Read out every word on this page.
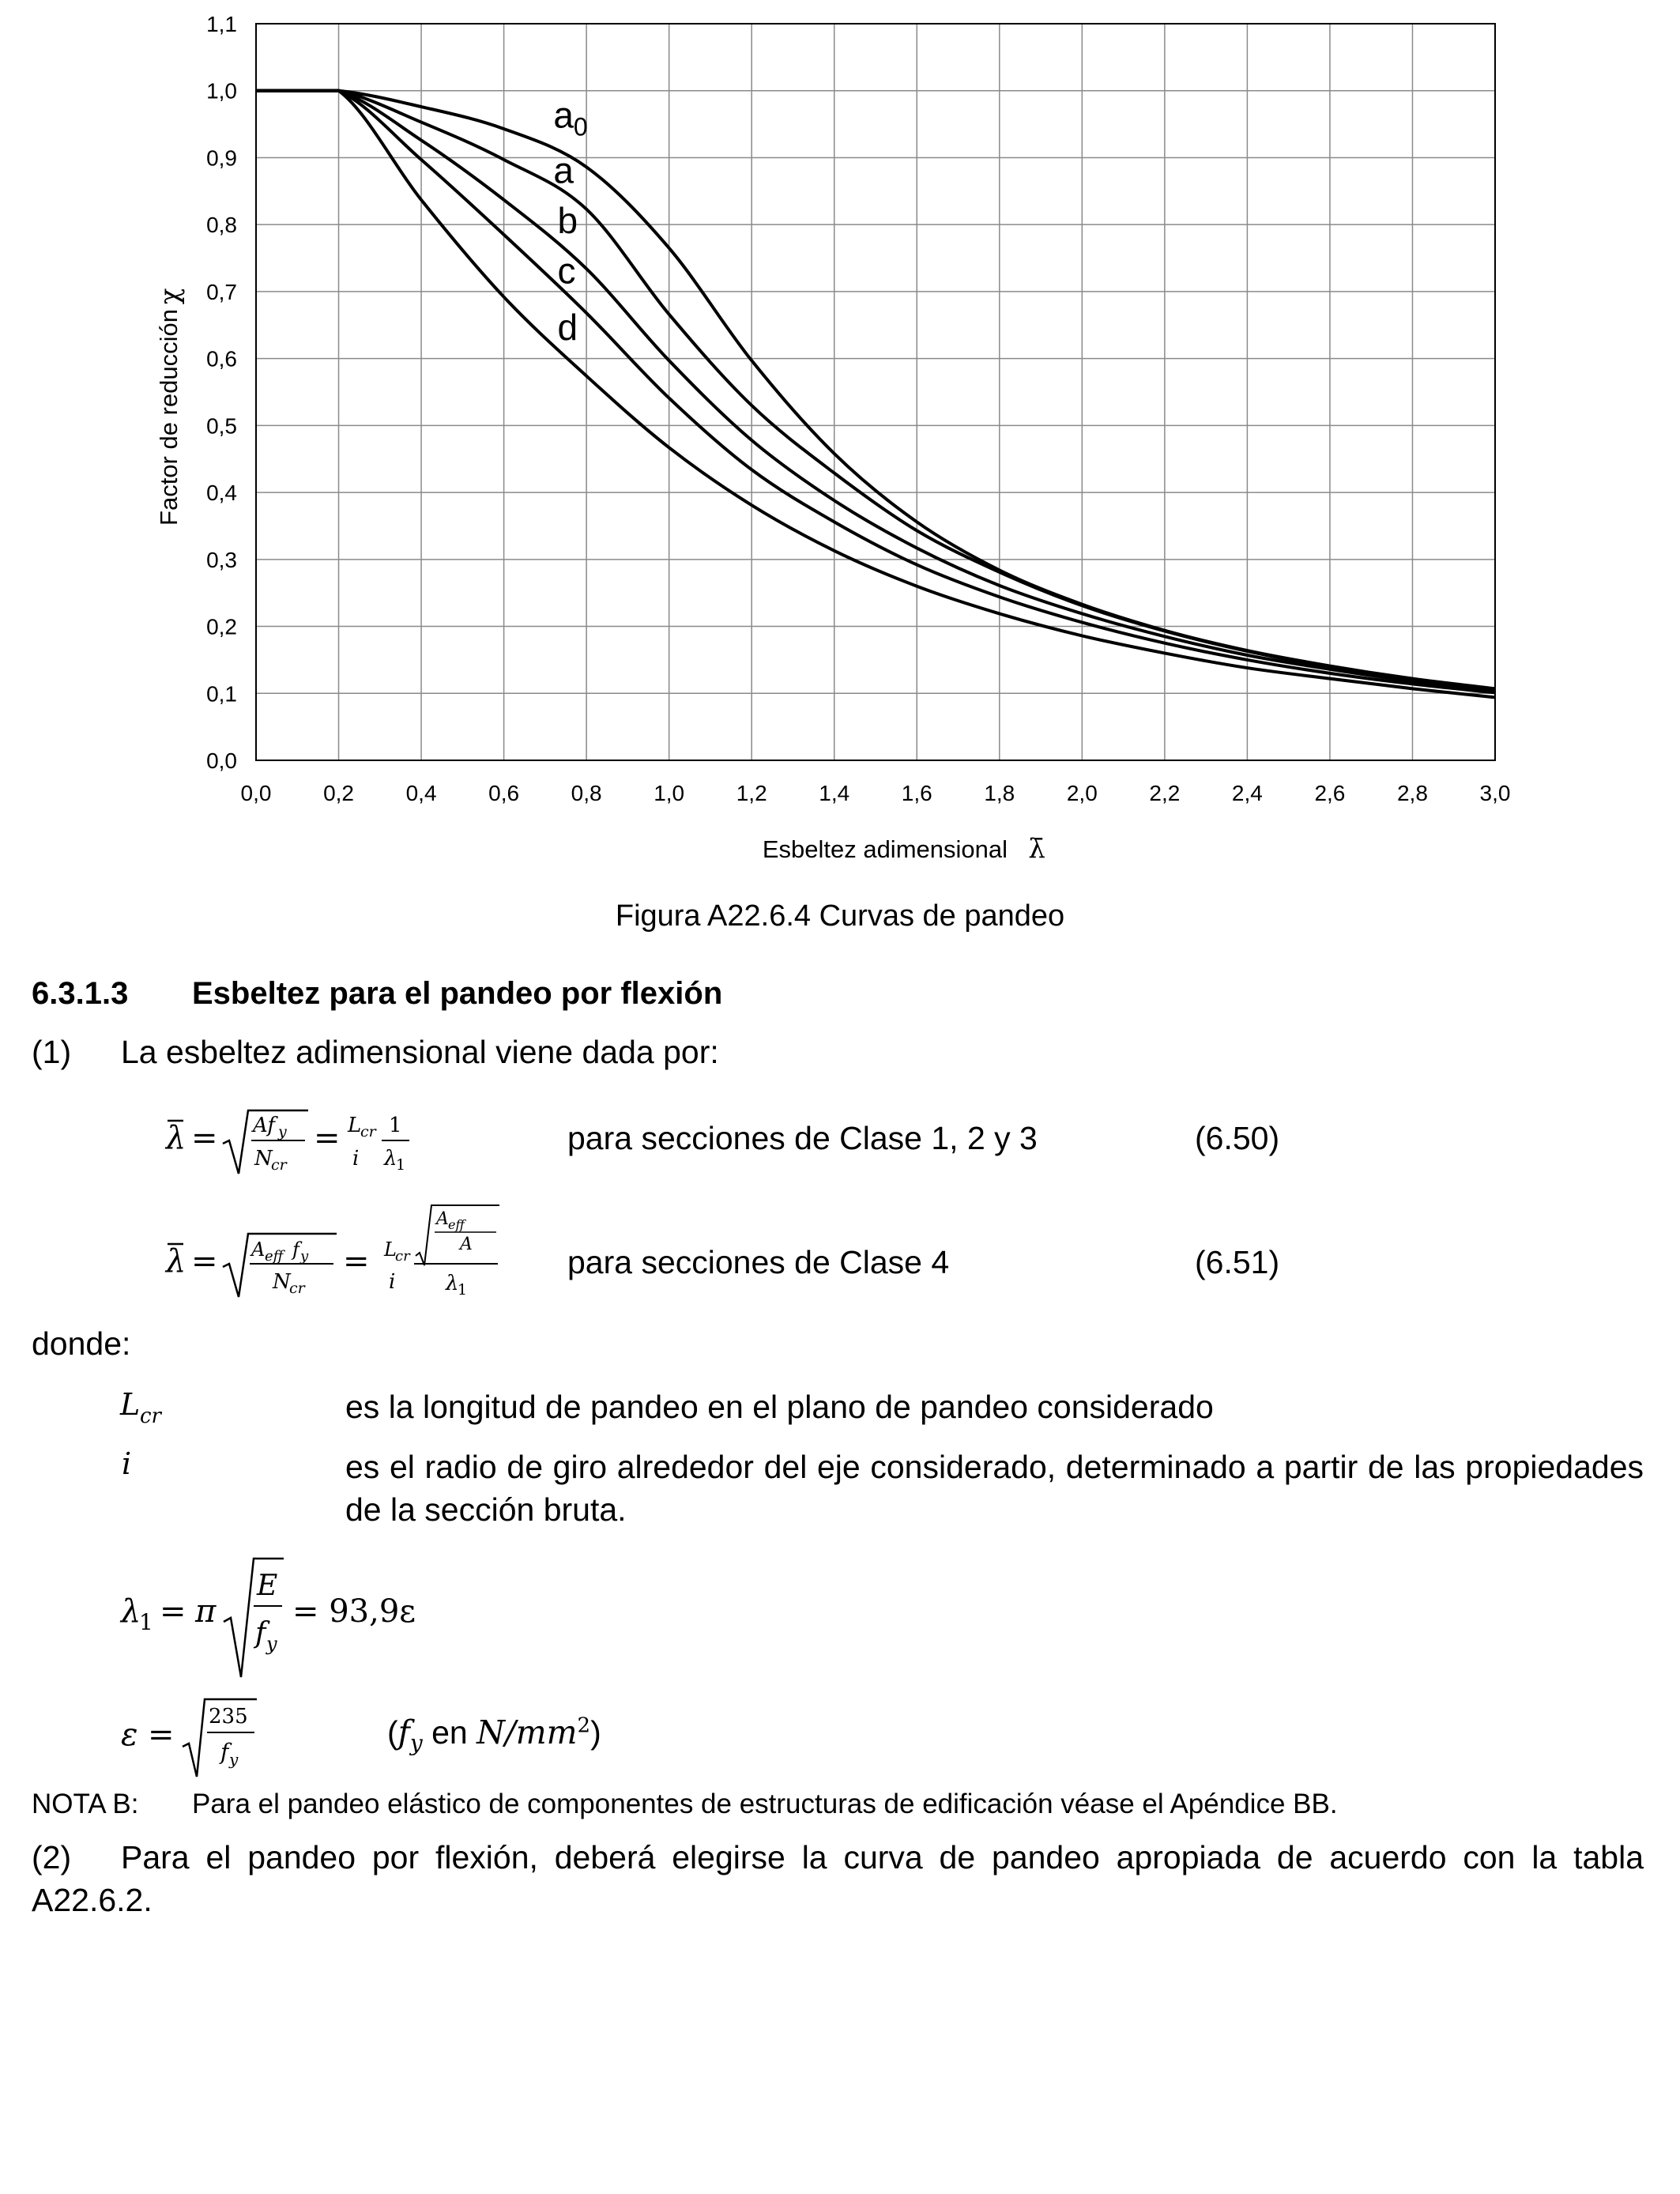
0,0 0,2 0,4 0,6 0,8 1,0 1,2 1,4 1,6 1,8 2,0 2,2 2,4 2,6 2,8 3,0
0,0
0,1
0,2
0,3
0,4
0,5
0,6
0,7
0,8
0,9
1,0
1,1
$a_0$
a
b
c
d
Factor de reducción
χ
Esbeltez adimensional λ̄
Figura A22.6.4 Curvas de pandeo
6.3.1.3 Esbeltez para el pandeo por flexión
(1) La esbeltez adimensional viene dada por:
λ = Af y
N
cr
= L
cr
i
1
λ
1
para secciones de Clase 1, 2 y 3	(6.50)
λ = A eff f y
N
cr
= L
cr
i
A eff
A
λ
1
para secciones de Clase 4	(6.51)
donde:
L cr	es la longitud de pandeo en el plano de pandeo considerado
i	es el radio de giro alrededor del eje considerado, determinado a partir de las propiedades de la sección bruta.
λ
1 = π
E
f y
= 93,9ε
ε = 235
f y
($f_y$ en $N/mm^2$)
NOTA B: Para el pandeo elástico de componentes de estructuras de edificación véase el Apéndice BB.
(2) Para el pandeo por flexión, deberá elegirse la curva de pandeo apropiada de acuerdo con la tabla A22.6.2.
